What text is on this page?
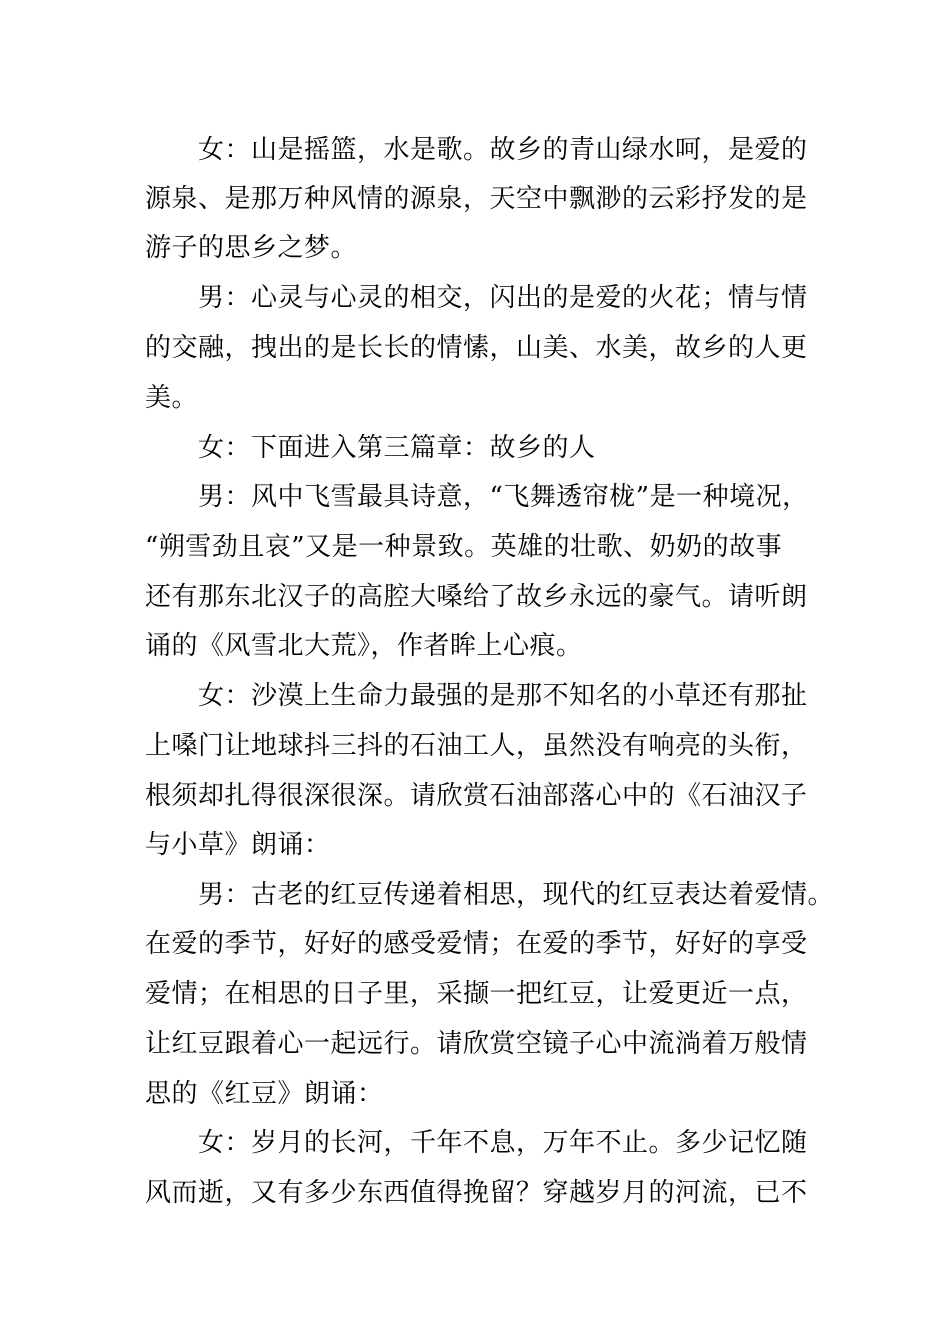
女：山是摇篮，水是歌。故乡的青山绿水呵，是爱的
源泉、是那万种风情的源泉，天空中飘渺的云彩抒发的是
游子的思乡之梦。
男：心灵与心灵的相交，闪出的是爱的火花；情与情
的交融，拽出的是长长的情愫，山美、水美，故乡的人更
美。
女：下面进入第三篇章：故乡的人
男：风中飞雪最具诗意，“飞舞透帘栊”是一种境况，
“朔雪劲且哀”又是一种景致。英雄的壮歌、奶奶的故事
还有那东北汉子的高腔大嗓给了故乡永远的豪气。请听朗
诵的《风雪北大荒》，作者眸上心痕。
女：沙漠上生命力最强的是那不知名的小草还有那扯
上嗓门让地球抖三抖的石油工人，虽然没有响亮的头衔，
根须却扎得很深很深。请欣赏石油部落心中的《石油汉子
与小草》朗诵：
男：古老的红豆传递着相思，现代的红豆表达着爱情。
在爱的季节，好好的感受爱情；在爱的季节，好好的享受
爱情；在相思的日子里，采撷一把红豆，让爱更近一点，
让红豆跟着心一起远行。请欣赏空镜子心中流淌着万般情
思的《红豆》朗诵：
女：岁月的长河，千年不息，万年不止。多少记忆随
风而逝，又有多少东西值得挽留？穿越岁月的河流，已不
